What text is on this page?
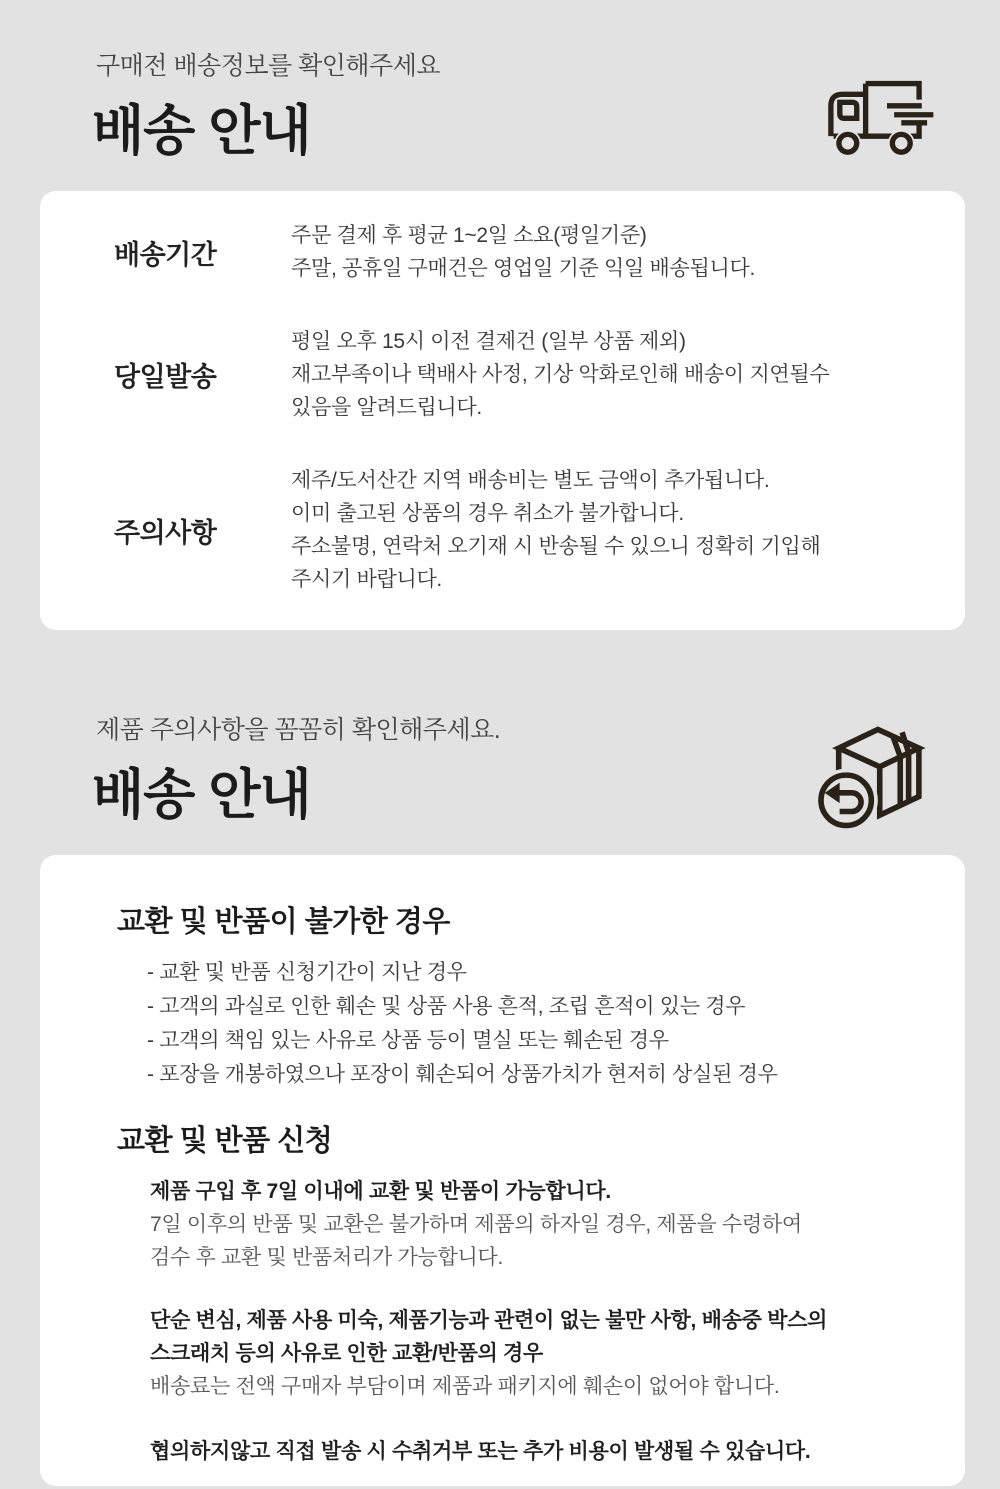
구매전 배송정보를 확인해주세요
배송 안내
배송기간
주문 결제 후 평균 1~2일 소요(평일기준)
주말, 공휴일 구매건은 영업일 기준 익일 배송됩니다.
당일발송
평일 오후 15시 이전 결제건 (일부 상품 제외)
재고부족이나 택배사 사정, 기상 악화로인해 배송이 지연될수
있음을 알려드립니다.
주의사항
제주/도서산간 지역 배송비는 별도 금액이 추가됩니다.
이미 출고된 상품의 경우 취소가 불가합니다.
주소불명, 연락처 오기재 시 반송될 수 있으니 정확히 기입해
주시기 바랍니다.
제품 주의사항을 꼼꼼히 확인해주세요.
배송 안내
교환 및 반품이 불가한 경우
- 교환 및 반품 신청기간이 지난 경우
- 고객의 과실로 인한 훼손 및 상품 사용 흔적, 조립 흔적이 있는 경우
- 고객의 책임 있는 사유로 상품 등이 멸실 또는 훼손된 경우
- 포장을 개봉하였으나 포장이 훼손되어 상품가치가 현저히 상실된 경우
교환 및 반품 신청
제품 구입 후 7일 이내에 교환 및 반품이 가능합니다.
7일 이후의 반품 및 교환은 불가하며 제품의 하자일 경우, 제품을 수령하여
검수 후 교환 및 반품처리가 가능합니다.
단순 변심, 제품 사용 미숙, 제품기능과 관련이 없는 불만 사항, 배송중 박스의
스크래치 등의 사유로 인한 교환/반품의 경우
배송료는 전액 구매자 부담이며 제품과 패키지에 훼손이 없어야 합니다.
협의하지않고 직접 발송 시 수취거부 또는 추가 비용이 발생될 수 있습니다.
